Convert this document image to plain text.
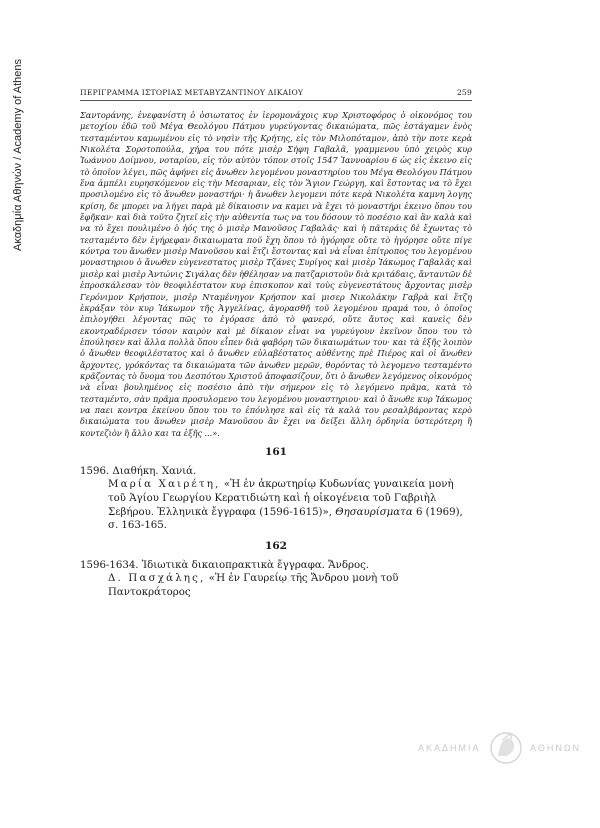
Ακαδημία Αθηνών / Academy of Athens	ΠΕΡΙΓΡΑΜΜΑ ΙΣΤΟΡΙΑΣ ΜΕΤΑΒΥΖΑΝΤΙΝΟΥ ΔΙΚΑΙΟΥ	259
Σαντοράνης, ἐνεφανίστη ὁ ὁσιωτατος ἐν ἱερομονάχοις κυρ Χριστοφόρος ὁ οἰκονόμος του μετοχίου ἐδῶ τοῦ Μέγα Θεολόγου Πάτμου γυρεύγοντας δικαιώματα, πῶς ἐστάγαμεν ἑνὸς τεσταμέντου καμωμένου εἰς τὸ νησὶν τῆς Κρήτης, εἰς τὸν Μιλοπόταμον, ἀπὸ τὴν ποτε κερὰ Νικολέτα Σοροτοπούλα, χήρα του πότε μισὲρ Σήφη Γαβαλᾶ, γραμμενου ὑπὸ χειρὸς κυρ Ἰωάννου Δοίμνου, νοταρίου, εἰς τὸν αὐτὸν τόπον στοῖς 1547 Ἰαννοαρίου 6 ὡς εἰς ἐκεινο εἰς τὸ ὁποῖον λέγει, πῶς ἀφήνει εἰς ἄνωθεν λεγομένου μοναστηρίου του Μέγα Θεολόγου Πάτμου ἕνα ἀμπέλι ευρησκόμενον εἰς τὴν Μεσαριαν, εἰς τὸν Ἅγιον Γεώργη, καὶ ἔστοντας να τὸ ἔχει προσιλομένο εἰς τὸ ἄνωθεν μοναστήρι· ἡ ἄνωθεν λεγομενι πότε κερὰ Νικολέτα καμνη λογης κρίση, δε μπορει να λήγει παρὰ μὲ δίκαιοσιν να καμει νὰ ἔχει τὸ μοναστήρι ἐκεινο ὅπου του ἔφῆκαν· καὶ διὰ τοῦτο ζητεῖ εἰς τὴν αὐθεντία τως να του δόσουν τὸ ποσέσιο καὶ ἂν καλὰ καὶ να τὸ ἔχει πουλιμένο ὁ ἡός της ὁ μισὲρ Μανοῦσος Γαβαλᾶς· καὶ ἡ πᾶτεράις δὲ ἔχωντας τὸ τεσταμέντο δὲν ἐγήρεφαν δικαιωματα ποῦ ἔχη ὅπου τὸ ἡγόρησε οὔτε τὸ ἠγόρησε οὔτε πίγε κόντρα του ἄνωθεν μισὲρ Μανοῦσου καὶ ἔτζι ἔστοντας καὶ νὰ εἶναι ἐπίτροπος του λεγομένου μοναστηριου ὁ ἄνωθεν εὐγενεστατος μισὲρ Τζάνες Συρίγος καὶ μισὲρ Ἰάκωμος Γαβαλᾶς καὶ μισὲρ καὶ μισὲρ Ἀντώνις Σιγάλας δὲν ἠθέλησαν να πατζαριστοῦν διὰ κριτάδαις, ἄνταυτῶν δὲ ἐπροσκάλεσαν τὸν θεοφιλέστατον κυρ ἐπισκοπον καὶ τοὺς εὐγενεστάτους ἄρχοντας μισὲρ Γερόνιμον Κρήσπον, μισὲρ Νταμένηγον Κρήσπον καὶ μισερ Νικολάκην Γαβρὰ καὶ ἔτζη ἐκράξαν τὸν κυρ Ἰάκωμον τῆς Ἀγγελίνας, ἀγορασθῆ τοῦ λεγομένου πραμά του, ὁ ὁποῖος ἐπιλογήθει λέγοντας πῶς το ἐγόρασε ἀπὸ τὸ φανερό, οὔτε ἄυτος καὶ κανεὶς δὲν εκοντραδέρισεν τόσον καιρὸν καὶ μὲ δίκαιον εἶναι να γυρεύγουν ἐκεῖνον ὅπου του τὸ ἐπούλησεν καὶ ἄλλα πολλὰ ὅπου εἶπεν διὰ φαβόρη τῶν δικαιωμάτων του· και τὰ ἑξῆς λοιπὸν ὁ ἄνωθεν θεοφιλέστατος καὶ ὁ ἄνωθεν εὐλαβέστατος αὐθέντης πρὲ Πιέρος καὶ οἱ ἄνωθεν ἄρχοντες, γρόκόντας τα δικαιώματα τῶν ἀνωθεν μερῶν, θορόντας τὸ λεγομενο τεσταμέντο κρᾶζοντας τὸ ὄνομα του Δεσπότου Χριστοῦ ἀποφασίζουν, ὅτι ὁ ἄνωθεν λεγόμενος οἰκονόμος νὰ εἶναι βουλημένος εἰς ποσέσιο ἀπὸ τὴν σήμερον εἰς τὸ λεγόμενο πρᾶμα, κατὰ τὸ τεσταμέντο, σὰν πρᾶμα προσυλομενο του λεγομένου μοναστηριου· καὶ ὁ ἄνωθε κυρ Ἰάκωμος να παει κοντρα ἐκείνου ὅπου του το ἐπόνλησε καὶ εἰς τὰ καλὰ του ρεσαλβάροντας κερὸ δικαιώματα του ἄνωθεν μισὲρ Μανοῦσου ἂν ἔχει να δείξει ἄλλη ὀρδηνία ὑστερότερη ἢ κοντεζιὸν ἢ ἄλλο και τα ἑξῆς ...».
161
1596. Διαθήκη. Χανιά.
Μαρία Χαιρέτη, «Ἡ ἐν ἀκρωτηρίῳ Κυδωνίας γυναικεία μονὴ τοῦ Ἁγίου Γεωργίου Κερατιδιώτη καὶ ἡ οἰκογένεια τοῦ Γαβριὴλ Σεβήρου. Ἑλληνικὰ ἔγγραφα (1596-1615)», Θησαυρίσματα 6 (1969), σ. 163-165.
162
1596-1634. Ἰδιωτικὰ δικαιοπρακτικὰ ἔγγραφα. Ἄνδρος.
Δ. Πασχάλης, «Ἡ ἐν Γαυρείῳ τῆς Ἄνδρου μονὴ τοῦ Παντοκράτορος
ΑΚΑΔΗΜΙΑ	ΑΘΗΝΩΝ
